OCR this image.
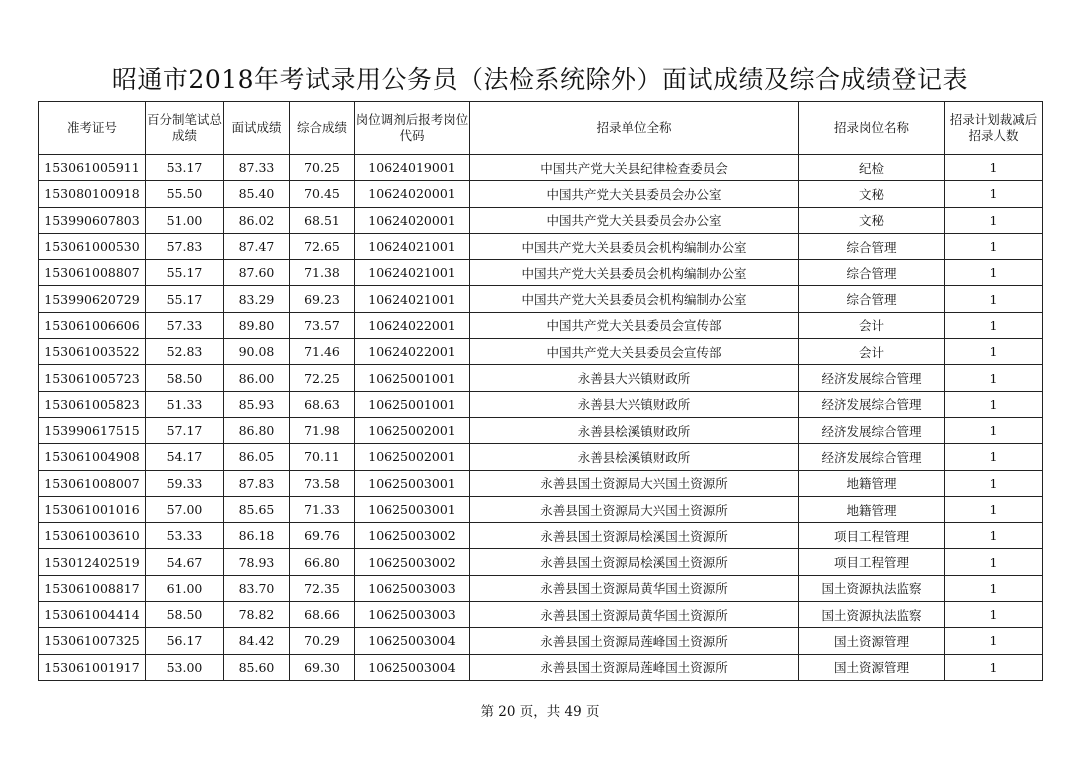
昭通市2018年考试录用公务员（法检系统除外）面试成绩及综合成绩登记表
准考证号	百分制笔试总成绩	面试成绩	综合成绩	岗位调剂后报考岗位代码	招录单位全称	招录岗位名称	招录计划裁减后招录人数
153061005911	53.17	87.33	70.25	10624019001	中国共产党大关县纪律检查委员会	纪检	1
153080100918	55.50	85.40	70.45	10624020001	中国共产党大关县委员会办公室	文秘	1
153990607803	51.00	86.02	68.51	10624020001	中国共产党大关县委员会办公室	文秘	1
153061000530	57.83	87.47	72.65	10624021001	中国共产党大关县委员会机构编制办公室	综合管理	1
153061008807	55.17	87.60	71.38	10624021001	中国共产党大关县委员会机构编制办公室	综合管理	1
153990620729	55.17	83.29	69.23	10624021001	中国共产党大关县委员会机构编制办公室	综合管理	1
153061006606	57.33	89.80	73.57	10624022001	中国共产党大关县委员会宣传部	会计	1
153061003522	52.83	90.08	71.46	10624022001	中国共产党大关县委员会宣传部	会计	1
153061005723	58.50	86.00	72.25	10625001001	永善县大兴镇财政所	经济发展综合管理	1
153061005823	51.33	85.93	68.63	10625001001	永善县大兴镇财政所	经济发展综合管理	1
153990617515	57.17	86.80	71.98	10625002001	永善县桧溪镇财政所	经济发展综合管理	1
153061004908	54.17	86.05	70.11	10625002001	永善县桧溪镇财政所	经济发展综合管理	1
153061008007	59.33	87.83	73.58	10625003001	永善县国土资源局大兴国土资源所	地籍管理	1
153061001016	57.00	85.65	71.33	10625003001	永善县国土资源局大兴国土资源所	地籍管理	1
153061003610	53.33	86.18	69.76	10625003002	永善县国土资源局桧溪国土资源所	项目工程管理	1
153012402519	54.67	78.93	66.80	10625003002	永善县国土资源局桧溪国土资源所	项目工程管理	1
153061008817	61.00	83.70	72.35	10625003003	永善县国土资源局黄华国土资源所	国土资源执法监察	1
153061004414	58.50	78.82	68.66	10625003003	永善县国土资源局黄华国土资源所	国土资源执法监察	1
153061007325	56.17	84.42	70.29	10625003004	永善县国土资源局莲峰国土资源所	国土资源管理	1
153061001917	53.00	85.60	69.30	10625003004	永善县国土资源局莲峰国土资源所	国土资源管理	1
第 20 页，共 49 页
